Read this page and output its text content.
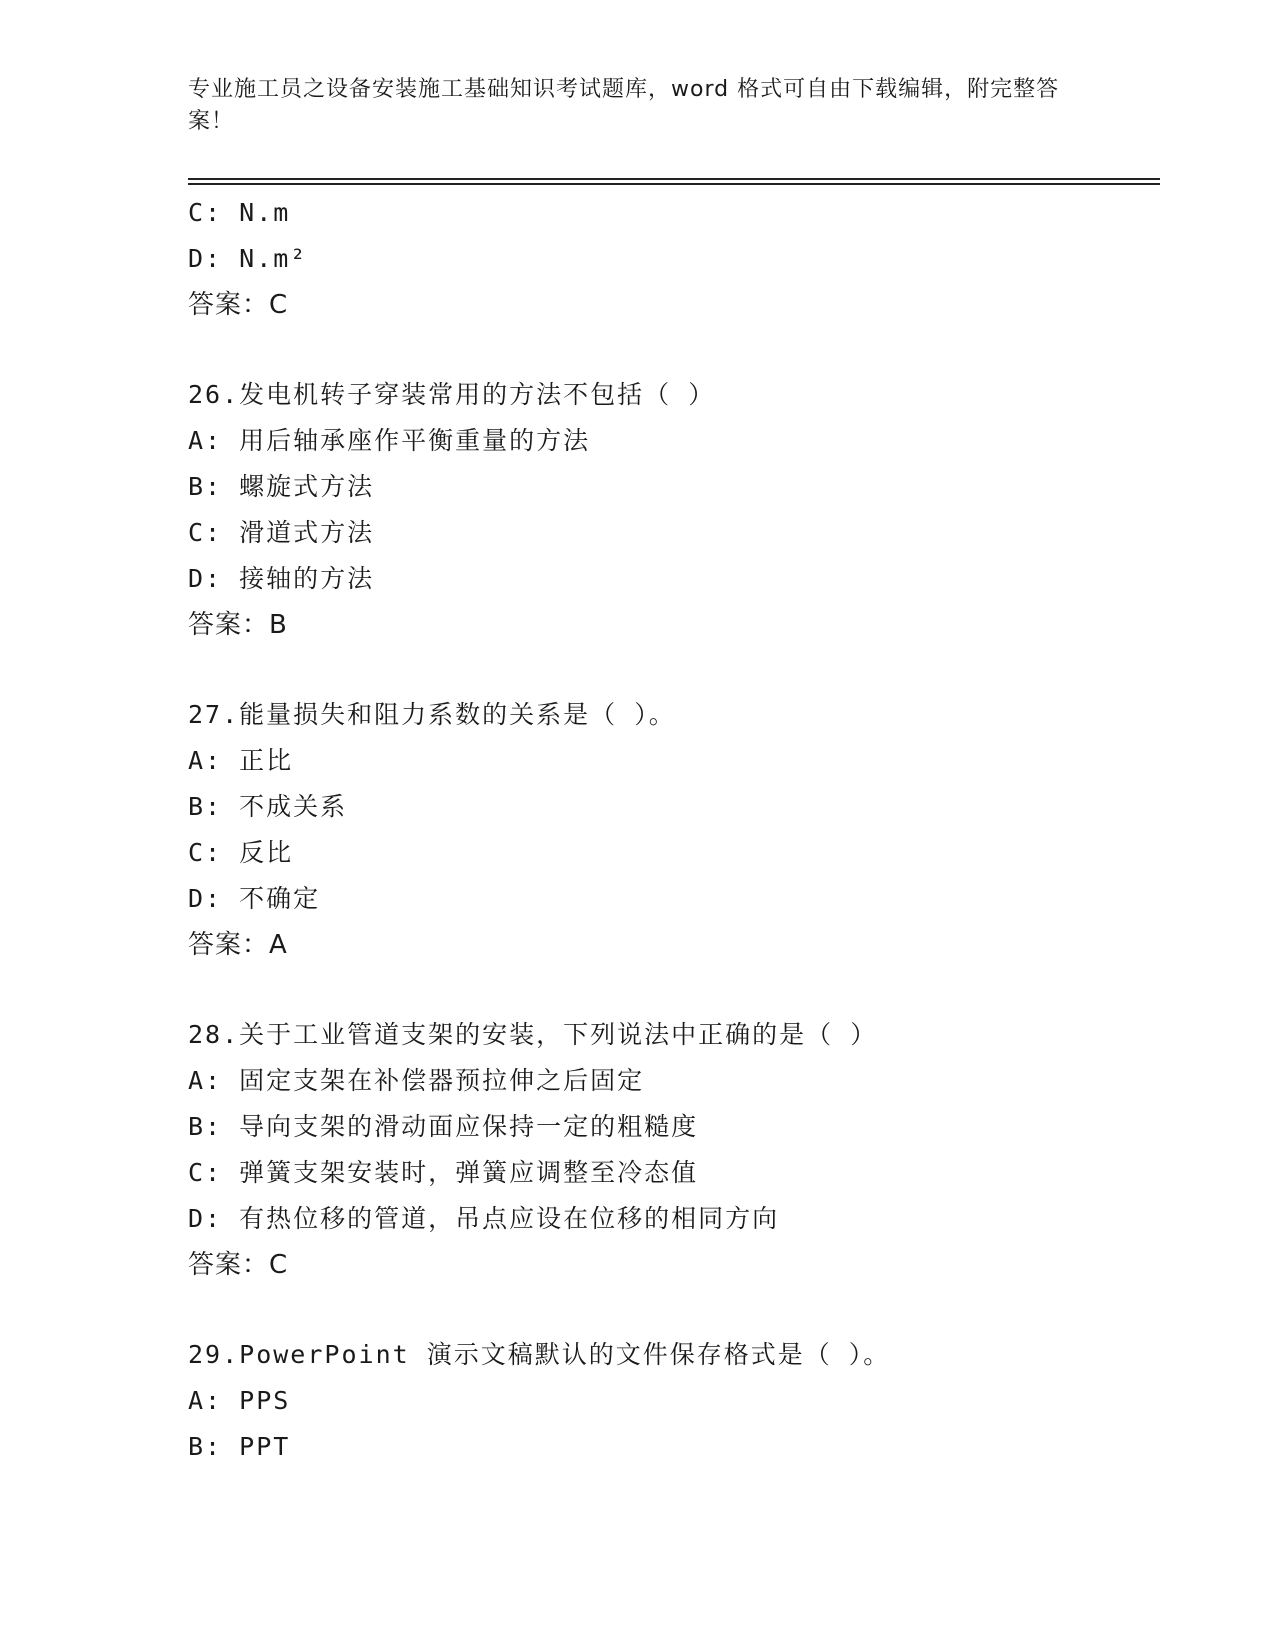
专业施工员之设备安装施工基础知识考试题库，word 格式可自由下载编辑，附完整答案！
C: N.m
D: N.m²
答案：C
26.发电机转子穿装常用的方法不包括（ ）
A: 用后轴承座作平衡重量的方法
B: 螺旋式方法
C: 滑道式方法
D: 接轴的方法
答案：B
27.能量损失和阻力系数的关系是（ ）。
A: 正比
B: 不成关系
C: 反比
D: 不确定
答案：A
28.关于工业管道支架的安装，下列说法中正确的是（ ）
A: 固定支架在补偿器预拉伸之后固定
B: 导向支架的滑动面应保持一定的粗糙度
C: 弹簧支架安装时，弹簧应调整至冷态值
D: 有热位移的管道，吊点应设在位移的相同方向
答案：C
29.PowerPoint 演示文稿默认的文件保存格式是（ ）。
A: PPS
B: PPT
